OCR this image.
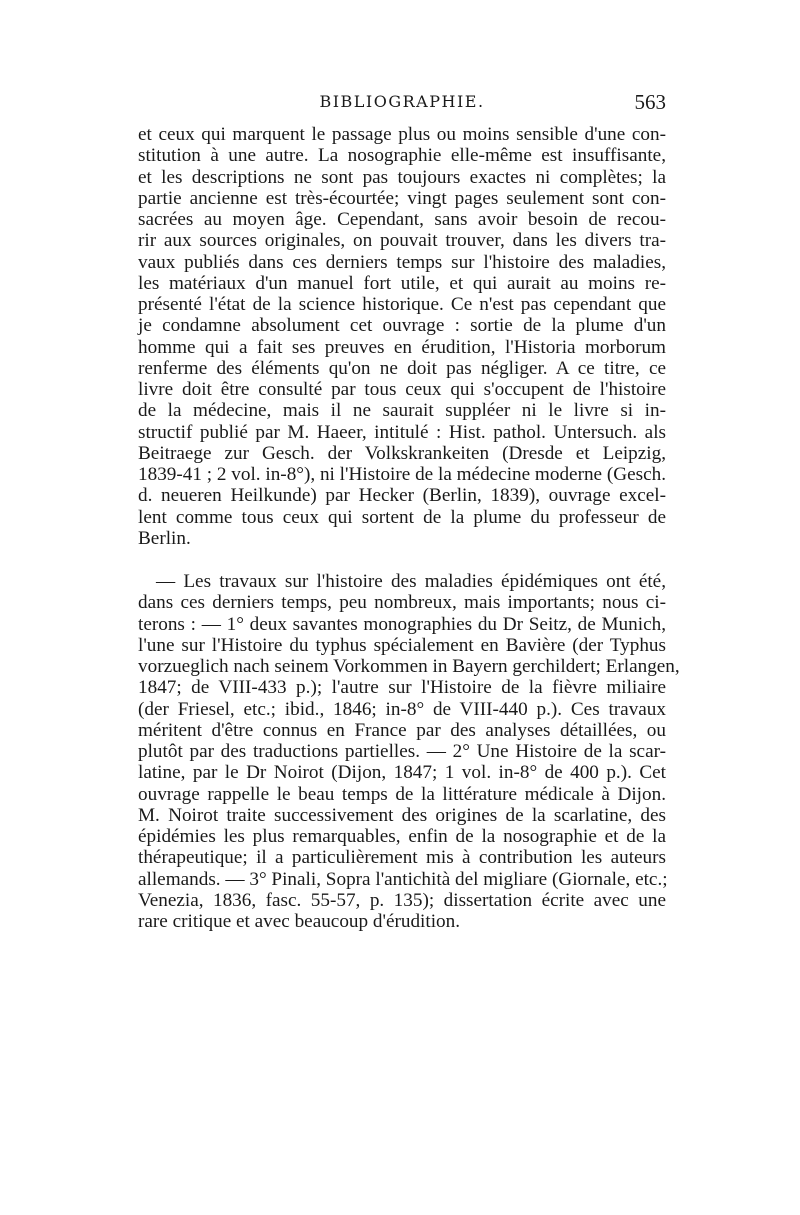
BIBLIOGRAPHIE.	563
et ceux qui marquent le passage plus ou moins sensible d'une con-
stitution à une autre. La nosographie elle-même est insuffisante,
et les descriptions ne sont pas toujours exactes ni complètes; la
partie ancienne est très-écourtée; vingt pages seulement sont con-
sacrées au moyen âge. Cependant, sans avoir besoin de recou-
rir aux sources originales, on pouvait trouver, dans les divers tra-
vaux publiés dans ces derniers temps sur l'histoire des maladies,
les matériaux d'un manuel fort utile, et qui aurait au moins re-
présenté l'état de la science historique. Ce n'est pas cependant que
je condamne absolument cet ouvrage : sortie de la plume d'un
homme qui a fait ses preuves en érudition, l'Historia morborum
renferme des éléments qu'on ne doit pas négliger. A ce titre, ce
livre doit être consulté par tous ceux qui s'occupent de l'histoire
de la médecine, mais il ne saurait suppléer ni le livre si in-
structif publié par M. Haeer, intitulé : Hist. pathol. Untersuch. als
Beitraege zur Gesch. der Volkskrankeiten (Dresde et Leipzig,
1839-41 ; 2 vol. in-8°), ni l'Histoire de la médecine moderne (Gesch.
d. neueren Heilkunde) par Hecker (Berlin, 1839), ouvrage excel-
lent comme tous ceux qui sortent de la plume du professeur de
Berlin.
— Les travaux sur l'histoire des maladies épidémiques ont été,
dans ces derniers temps, peu nombreux, mais importants; nous ci-
terons : — 1° deux savantes monographies du Dr Seitz, de Munich,
l'une sur l'Histoire du typhus spécialement en Bavière (der Typhus
vorzueglich nach seinem Vorkommen in Bayern gerchildert; Erlangen,
1847; de VIII-433 p.); l'autre sur l'Histoire de la fièvre miliaire
(der Friesel, etc.; ibid., 1846; in-8° de VIII-440 p.). Ces travaux
méritent d'être connus en France par des analyses détaillées, ou
plutôt par des traductions partielles. — 2° Une Histoire de la scar-
latine, par le Dr Noirot (Dijon, 1847; 1 vol. in-8° de 400 p.). Cet
ouvrage rappelle le beau temps de la littérature médicale à Dijon.
M. Noirot traite successivement des origines de la scarlatine, des
épidémies les plus remarquables, enfin de la nosographie et de la
thérapeutique; il a particulièrement mis à contribution les auteurs
allemands. — 3° Pinali, Sopra l'antichità del migliare (Giornale, etc.;
Venezia, 1836, fasc. 55-57, p. 135); dissertation écrite avec une
rare critique et avec beaucoup d'érudition.
